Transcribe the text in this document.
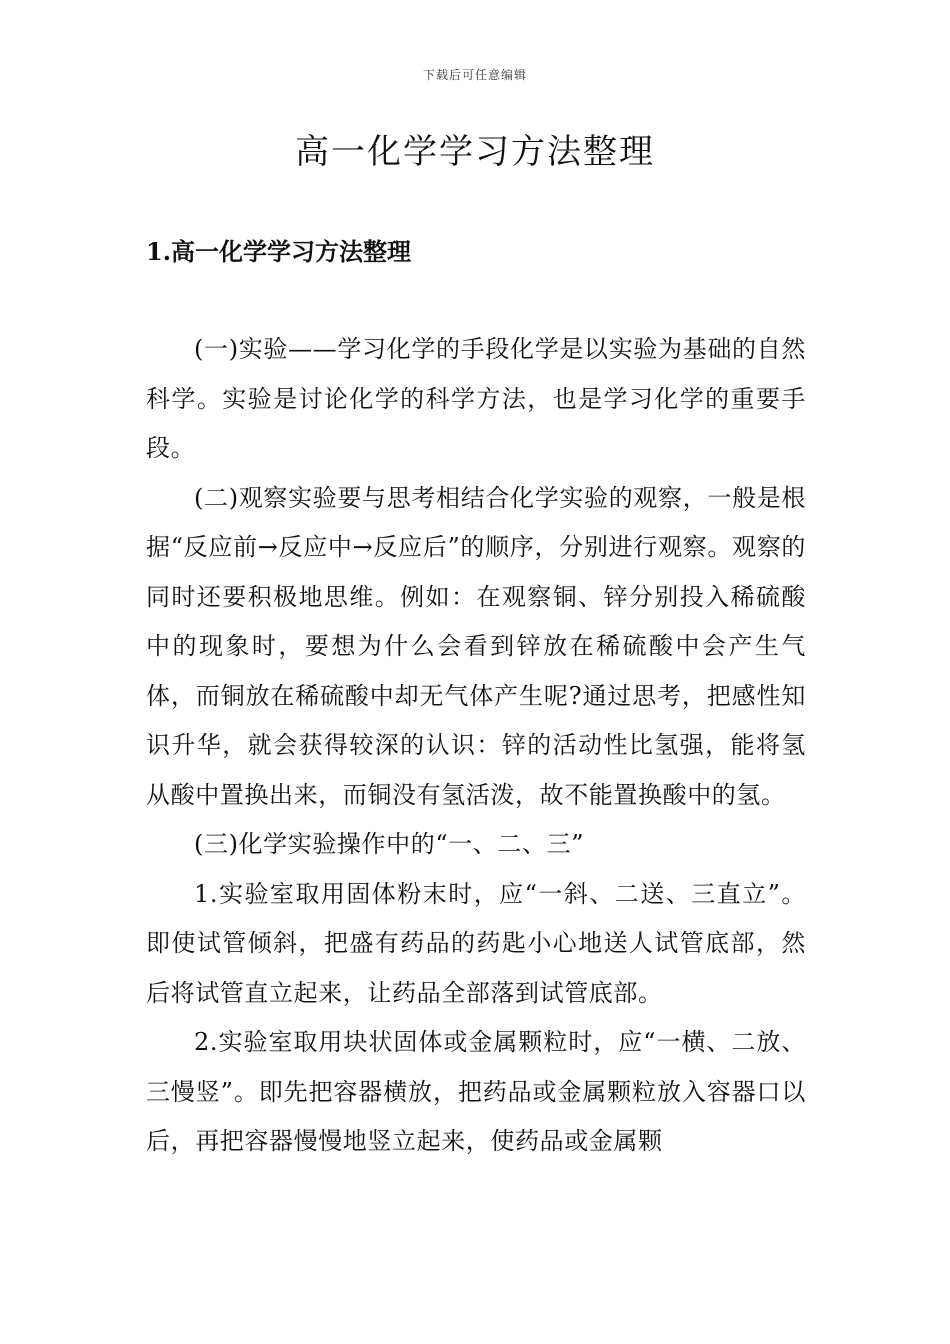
下载后可任意编辑
高一化学学习方法整理
1.高一化学学习方法整理

(一)实验——学习化学的手段化学是以实验为基础的自然科学。实验是讨论化学的科学方法，也是学习化学的重要手段。

(二)观察实验要与思考相结合化学实验的观察，一般是根据“反应前→反应中→反应后”的顺序，分别进行观察。观察的同时还要积极地思维。例如：在观察铜、锌分别投入稀硫酸中的现象时，要想为什么会看到锌放在稀硫酸中会产生气体，而铜放在稀硫酸中却无气体产生呢?通过思考，把感性知识升华，就会获得较深的认识：锌的活动性比氢强，能将氢从酸中置换出来，而铜没有氢活泼，故不能置换酸中的氢。

(三)化学实验操作中的“一、二、三”

1.实验室取用固体粉末时，应“一斜、二送、三直立”。即使试管倾斜，把盛有药品的药匙小心地送人试管底部，然后将试管直立起来，让药品全部落到试管底部。

2.实验室取用块状固体或金属颗粒时，应“一横、二放、三慢竖”。即先把容器横放，把药品或金属颗粒放入容器口以后，再把容器慢慢地竖立起来，使药品或金属颗
